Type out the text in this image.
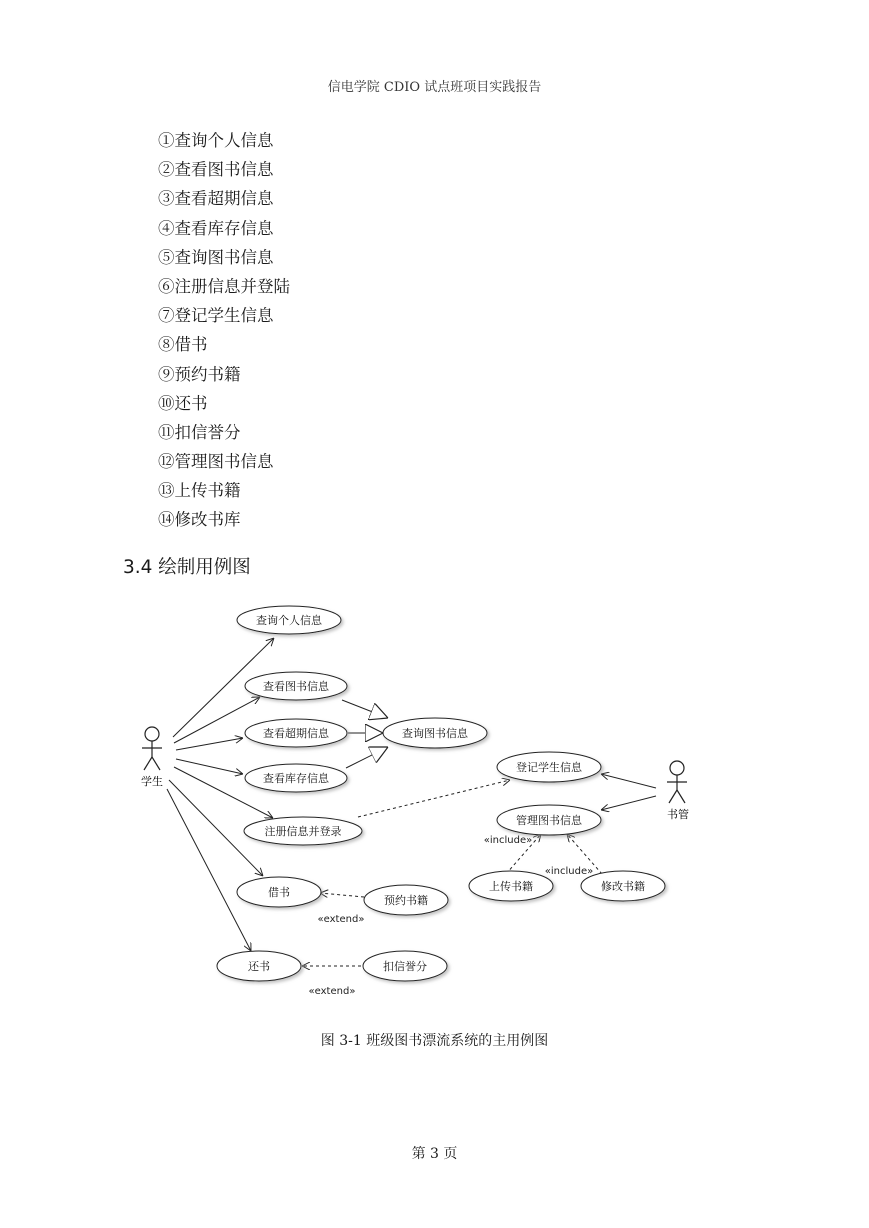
信电学院 CDIO 试点班项目实践报告
①查询个人信息
②查看图书信息
③查看超期信息
④查看库存信息
⑤查询图书信息
⑥注册信息并登陆
⑦登记学生信息
⑧借书
⑨预约书籍
⑩还书
⑪扣信誉分
⑫管理图书信息
⑬上传书籍
⑭修改书库
3.4 绘制用例图
学生
书管
查询个人信息
查看图书信息
查看超期信息
查看库存信息
查询图书信息
注册信息并登录
借书
预约书籍
还书	扣信誉分
登记学生信息
管理图书信息
上传书籍	修改书籍
«include»
«include»
«extend»
«extend»
图 3-1 班级图书漂流系统的主用例图
第 3 页
